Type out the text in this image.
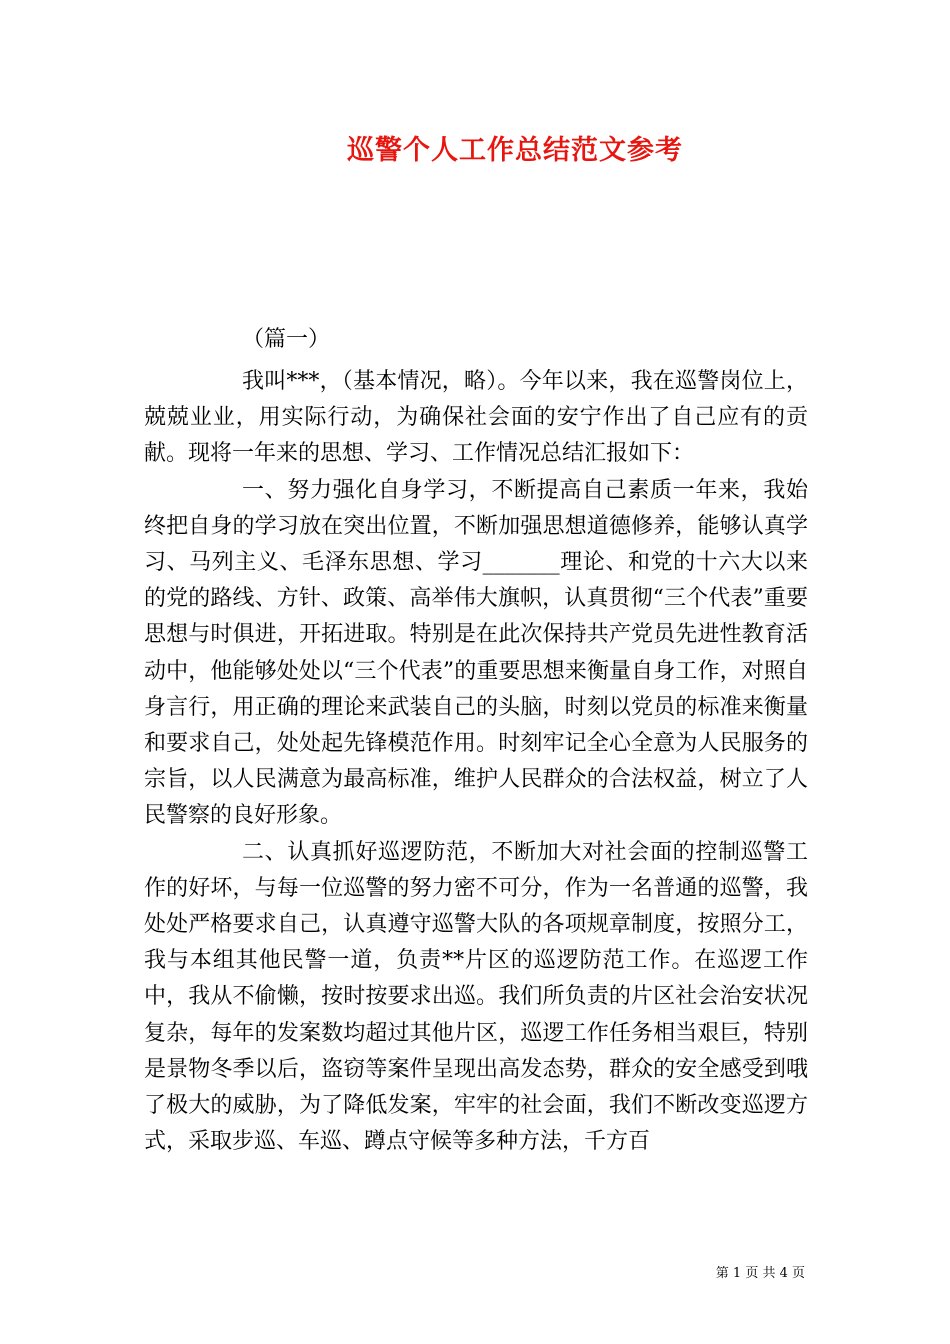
巡警个人工作总结范文参考

（篇一）

我叫***，（基本情况，略）。今年以来，我在巡警岗位上，兢兢业业，用实际行动，为确保社会面的安宁作出了自己应有的贡献。现将一年来的思想、学习、工作情况总结汇报如下：

一、努力强化自身学习，不断提高自己素质一年来，我始终把自身的学习放在突出位置，不断加强思想道德修养，能够认真学习、马列主义、毛泽东思想、学习_______理论、和党的十六大以来的党的路线、方针、政策、高举伟大旗帜，认真贯彻“三个代表”重要思想与时俱进，开拓进取。特别是在此次保持共产党员先进性教育活动中，他能够处处以“三个代表”的重要思想来衡量自身工作，对照自身言行，用正确的理论来武装自己的头脑，时刻以党员的标准来衡量和要求自己，处处起先锋模范作用。时刻牢记全心全意为人民服务的宗旨，以人民满意为最高标准，维护人民群众的合法权益，树立了人民警察的良好形象。

二、认真抓好巡逻防范，不断加大对社会面的控制巡警工作的好坏，与每一位巡警的努力密不可分，作为一名普通的巡警，我处处严格要求自己，认真遵守巡警大队的各项规章制度，按照分工，我与本组其他民警一道，负责**片区的巡逻防范工作。在巡逻工作中，我从不偷懒，按时按要求出巡。我们所负责的片区社会治安状况复杂，每年的发案数均超过其他片区，巡逻工作任务相当艰巨，特别是景物冬季以后，盗窃等案件呈现出高发态势，群众的安全感受到哦了极大的威胁，为了降低发案，牢牢的社会面，我们不断改变巡逻方式，采取步巡、车巡、蹲点守候等多种方法，千方百

第 1 页 共 4 页
